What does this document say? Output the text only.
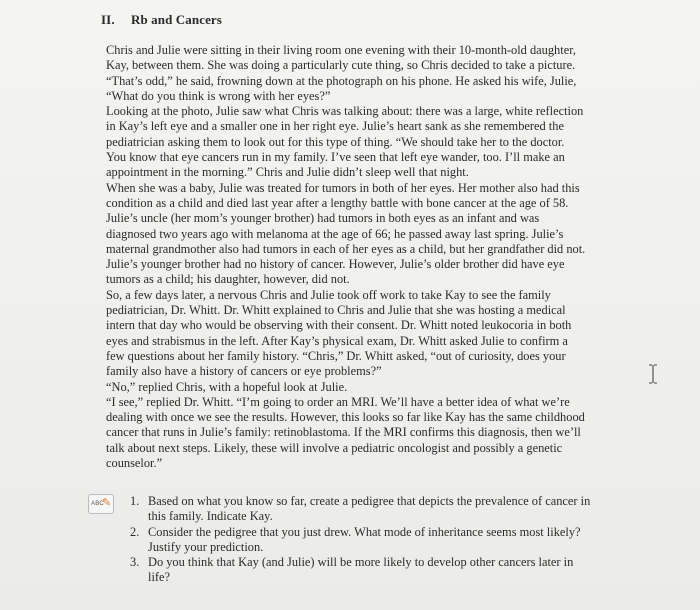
II. Rb and Cancers
Chris and Julie were sitting in their living room one evening with their 10-month-old daughter,
Kay, between them. She was doing a particularly cute thing, so Chris decided to take a picture.
“That’s odd,” he said, frowning down at the photograph on his phone. He asked his wife, Julie,
“What do you think is wrong with her eyes?”
Looking at the photo, Julie saw what Chris was talking about: there was a large, white reflection
in Kay’s left eye and a smaller one in her right eye. Julie’s heart sank as she remembered the
pediatrician asking them to look out for this type of thing. “We should take her to the doctor.
You know that eye cancers run in my family. I’ve seen that left eye wander, too. I’ll make an
appointment in the morning.” Chris and Julie didn’t sleep well that night.
When she was a baby, Julie was treated for tumors in both of her eyes. Her mother also had this
condition as a child and died last year after a lengthy battle with bone cancer at the age of 58.
Julie’s uncle (her mom’s younger brother) had tumors in both eyes as an infant and was
diagnosed two years ago with melanoma at the age of 66; he passed away last spring. Julie’s
maternal grandmother also had tumors in each of her eyes as a child, but her grandfather did not.
Julie’s younger brother had no history of cancer. However, Julie’s older brother did have eye
tumors as a child; his daughter, however, did not.
So, a few days later, a nervous Chris and Julie took off work to take Kay to see the family
pediatrician, Dr. Whitt. Dr. Whitt explained to Chris and Julie that she was hosting a medical
intern that day who would be observing with their consent. Dr. Whitt noted leukocoria in both
eyes and strabismus in the left. After Kay’s physical exam, Dr. Whitt asked Julie to confirm a
few questions about her family history. “Chris,” Dr. Whitt asked, “out of curiosity, does your
family also have a history of cancers or eye problems?”
“No,” replied Chris, with a hopeful look at Julie.
“I see,” replied Dr. Whitt. “I’m going to order an MRI. We’ll have a better idea of what we’re
dealing with once we see the results. However, this looks so far like Kay has the same childhood
cancer that runs in Julie’s family: retinoblastoma. If the MRI confirms this diagnosis, then we’ll
talk about next steps. Likely, these will involve a pediatric oncologist and possibly a genetic
counselor.”
ABC
✎ 1. Based on what you know so far, create a pedigree that depicts the prevalence of cancer in
this family. Indicate Kay.
2. Consider the pedigree that you just drew. What mode of inheritance seems most likely?
Justify your prediction.
3. Do you think that Kay (and Julie) will be more likely to develop other cancers later in
life?
